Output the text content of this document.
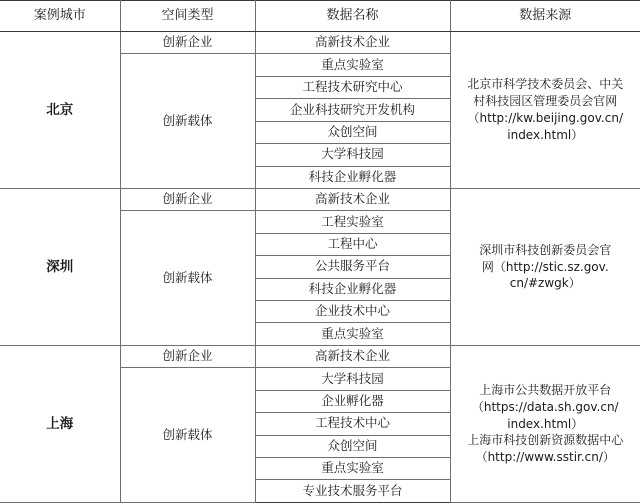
案例城市	空间类型	数据名称	数据来源
北京	创新企业	高新技术企业	北京市科学技术委员会、中关
村科技园区管理委员会官网
（http://kw.beijing.gov.cn/
index.html）

	创新载体	重点实验室	
		工程技术研究中心	
		企业科技研究开发机构	
		众创空间	
		大学科技园	
		科技企业孵化器	
深圳	创新企业	高新技术企业	深圳市科技创新委员会官
网（http://stic.sz.gov.
cn/#zwgk）

	创新载体	工程实验室	
		工程中心	
		公共服务平台	
		科技企业孵化器	
		企业技术中心	
		重点实验室	
上海	创新企业	高新技术企业	上海市公共数据开放平台
（https://data.sh.gov.cn/
index.html）
上海市科技创新资源数据中心
（http://www.sstir.cn/）

	创新载体	大学科技园	
		企业孵化器	
		工程技术中心	
		众创空间	
		重点实验室	
		专业技术服务平台	
